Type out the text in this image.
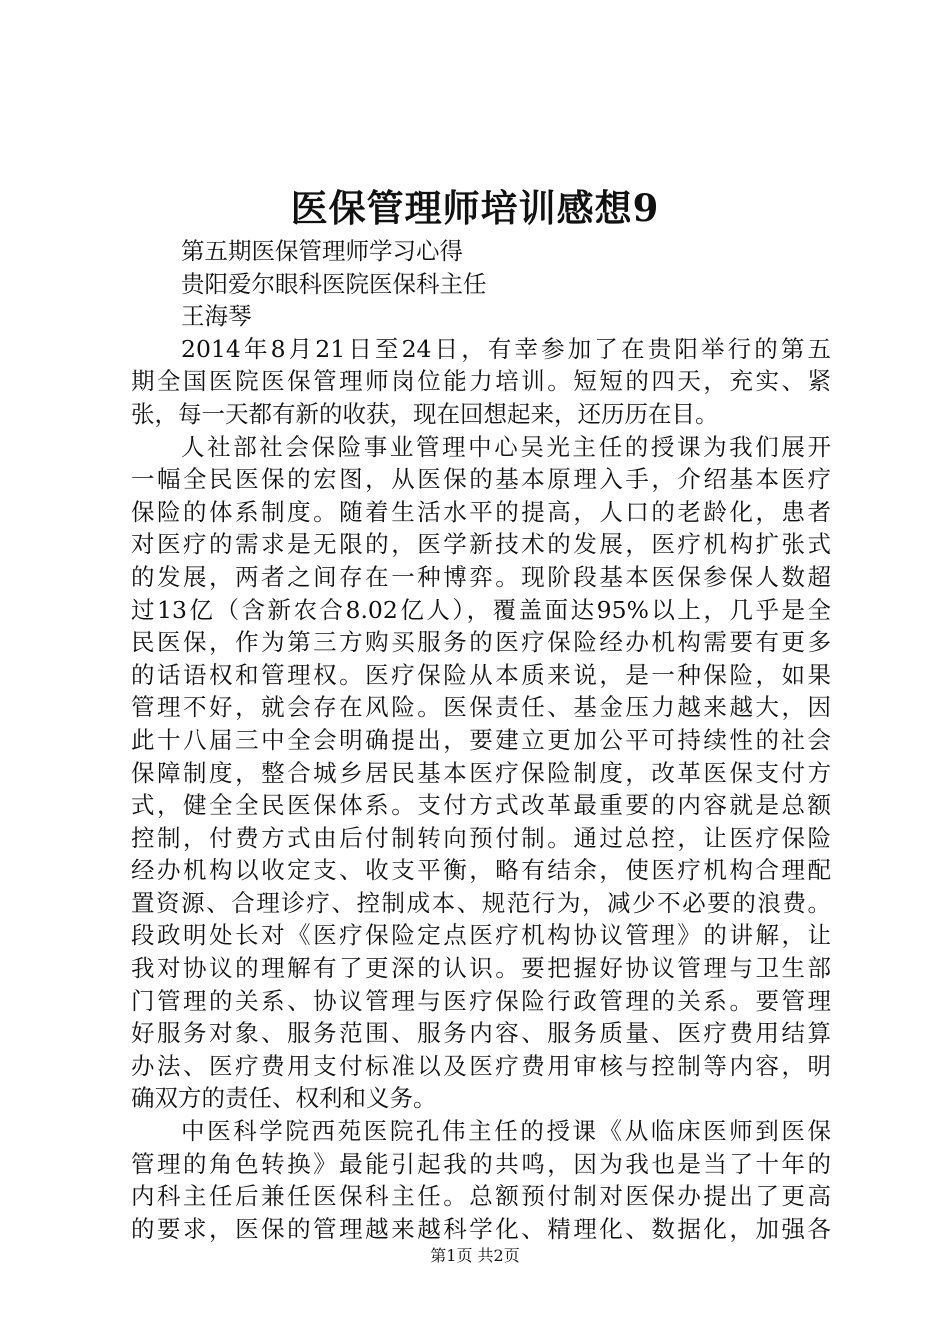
医保管理师培训感想9
第五期医保管理师学习心得
贵阳爱尔眼科医院医保科主任
王海琴
2014年8月21日至24日，有幸参加了在贵阳举行的第五
期全国医院医保管理师岗位能力培训。短短的四天，充实、紧
张，每一天都有新的收获，现在回想起来，还历历在目。
人社部社会保险事业管理中心吴光主任的授课为我们展开
一幅全民医保的宏图，从医保的基本原理入手，介绍基本医疗
保险的体系制度。随着生活水平的提高，人口的老龄化，患者
对医疗的需求是无限的，医学新技术的发展，医疗机构扩张式
的发展，两者之间存在一种博弈。现阶段基本医保参保人数超
过13亿（含新农合8.02亿人），覆盖面达95%以上，几乎是全
民医保，作为第三方购买服务的医疗保险经办机构需要有更多
的话语权和管理权。医疗保险从本质来说，是一种保险，如果
管理不好，就会存在风险。医保责任、基金压力越来越大，因
此十八届三中全会明确提出，要建立更加公平可持续性的社会
保障制度，整合城乡居民基本医疗保险制度，改革医保支付方
式，健全全民医保体系。支付方式改革最重要的内容就是总额
控制，付费方式由后付制转向预付制。通过总控，让医疗保险
经办机构以收定支、收支平衡，略有结余，使医疗机构合理配
置资源、合理诊疗、控制成本、规范行为，减少不必要的浪费。
段政明处长对《医疗保险定点医疗机构协议管理》的讲解，让
我对协议的理解有了更深的认识。要把握好协议管理与卫生部
门管理的关系、协议管理与医疗保险行政管理的关系。要管理
好服务对象、服务范围、服务内容、服务质量、医疗费用结算
办法、医疗费用支付标准以及医疗费用审核与控制等内容，明
确双方的责任、权利和义务。
中医科学院西苑医院孔伟主任的授课《从临床医师到医保
管理的角色转换》最能引起我的共鸣，因为我也是当了十年的
内科主任后兼任医保科主任。总额预付制对医保办提出了更高
的要求，医保的管理越来越科学化、精理化、数据化，加强各
第1页 共2页
